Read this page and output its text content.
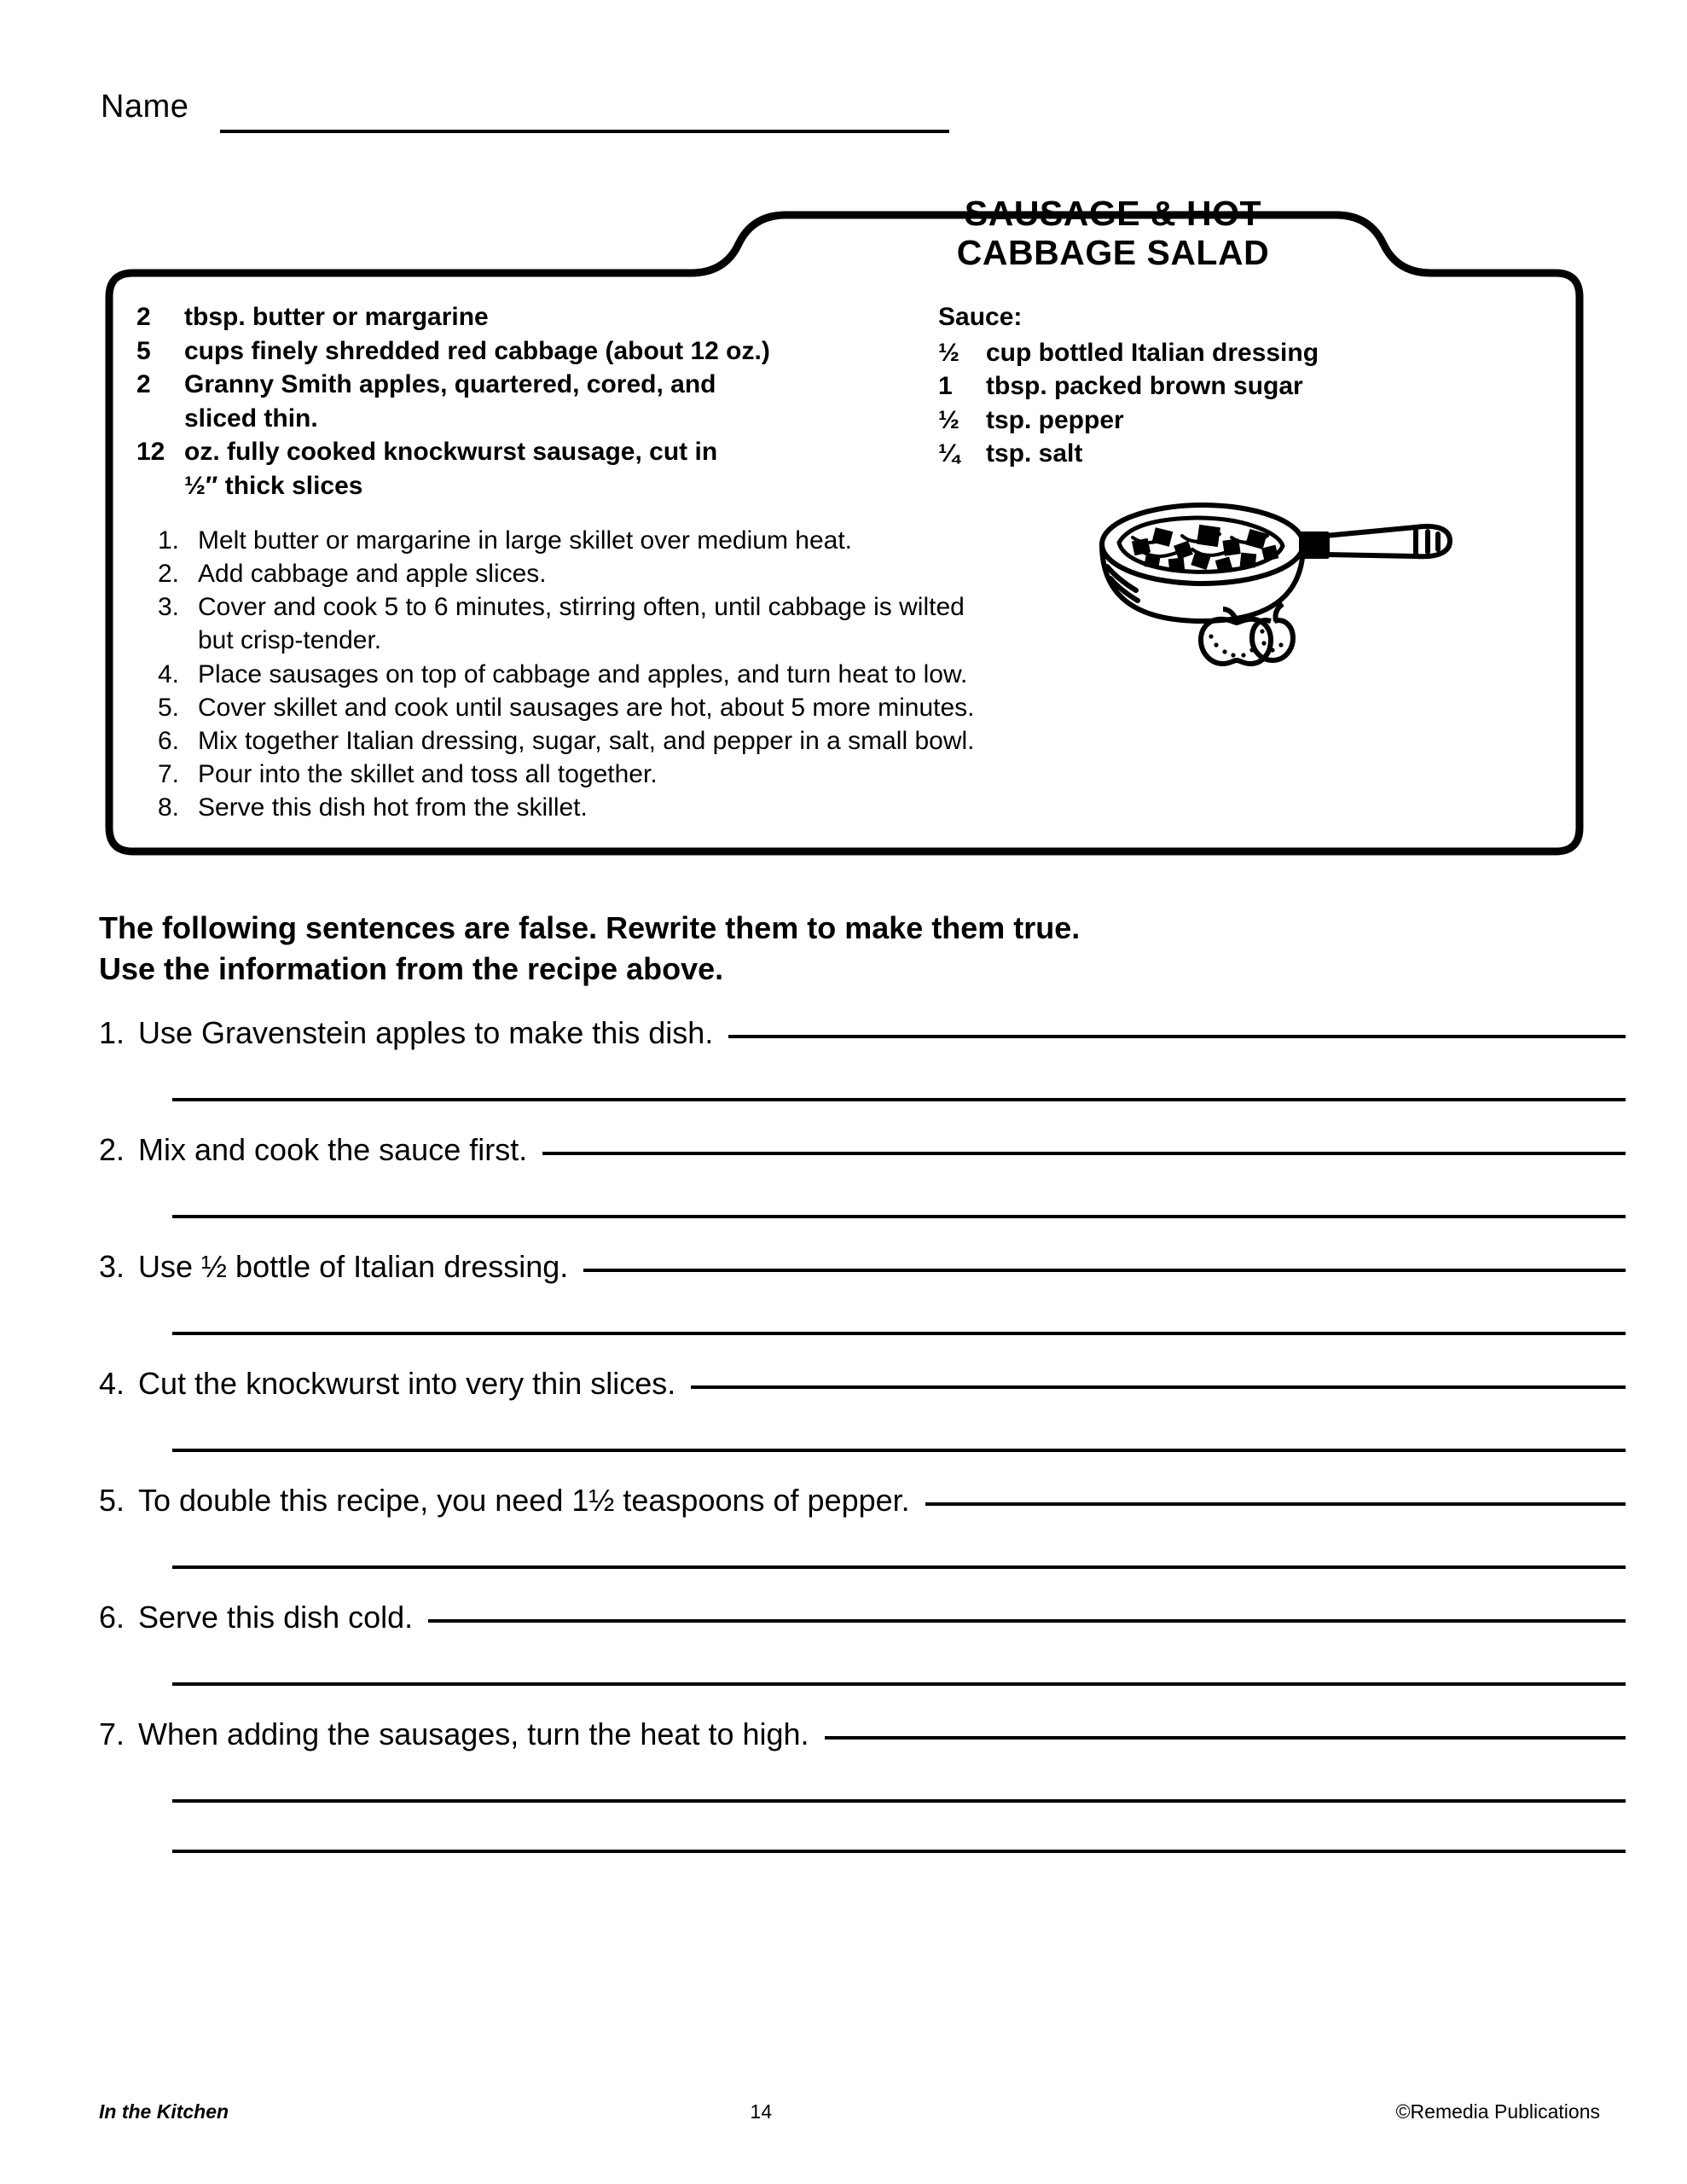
Name
SAUSAGE & HOT
CABBAGE SALAD
2	tbsp. butter or margarine
5	cups finely shredded red cabbage (about 12 oz.)
2	Granny Smith apples, quartered, cored, and
sliced thin.
12 oz. fully cooked knockwurst sausage, cut in
½″ thick slices
Sauce:
½	cup bottled Italian dressing
1	tbsp. packed brown sugar
½	tsp. pepper
¼	tsp. salt
1. Melt butter or margarine in large skillet over medium heat.
2. Add cabbage and apple slices.
3. Cover and cook 5 to 6 minutes, stirring often, until cabbage is wilted
but crisp-tender.
4. Place sausages on top of cabbage and apples, and turn heat to low.
5. Cover skillet and cook until sausages are hot, about 5 more minutes.
6. Mix together Italian dressing, sugar, salt, and pepper in a small bowl.
7. Pour into the skillet and toss all together.
8. Serve this dish hot from the skillet.
The following sentences are false. Rewrite them to make them true.
Use the information from the recipe above.
1. Use Gravenstein apples to make this dish.
2. Mix and cook the sauce first.
3. Use ½ bottle of Italian dressing.
4. Cut the knockwurst into very thin slices.
5. To double this recipe, you need 1½ teaspoons of pepper.
6. Serve this dish cold.
7. When adding the sausages, turn the heat to high.
In the Kitchen	14	©Remedia Publications
